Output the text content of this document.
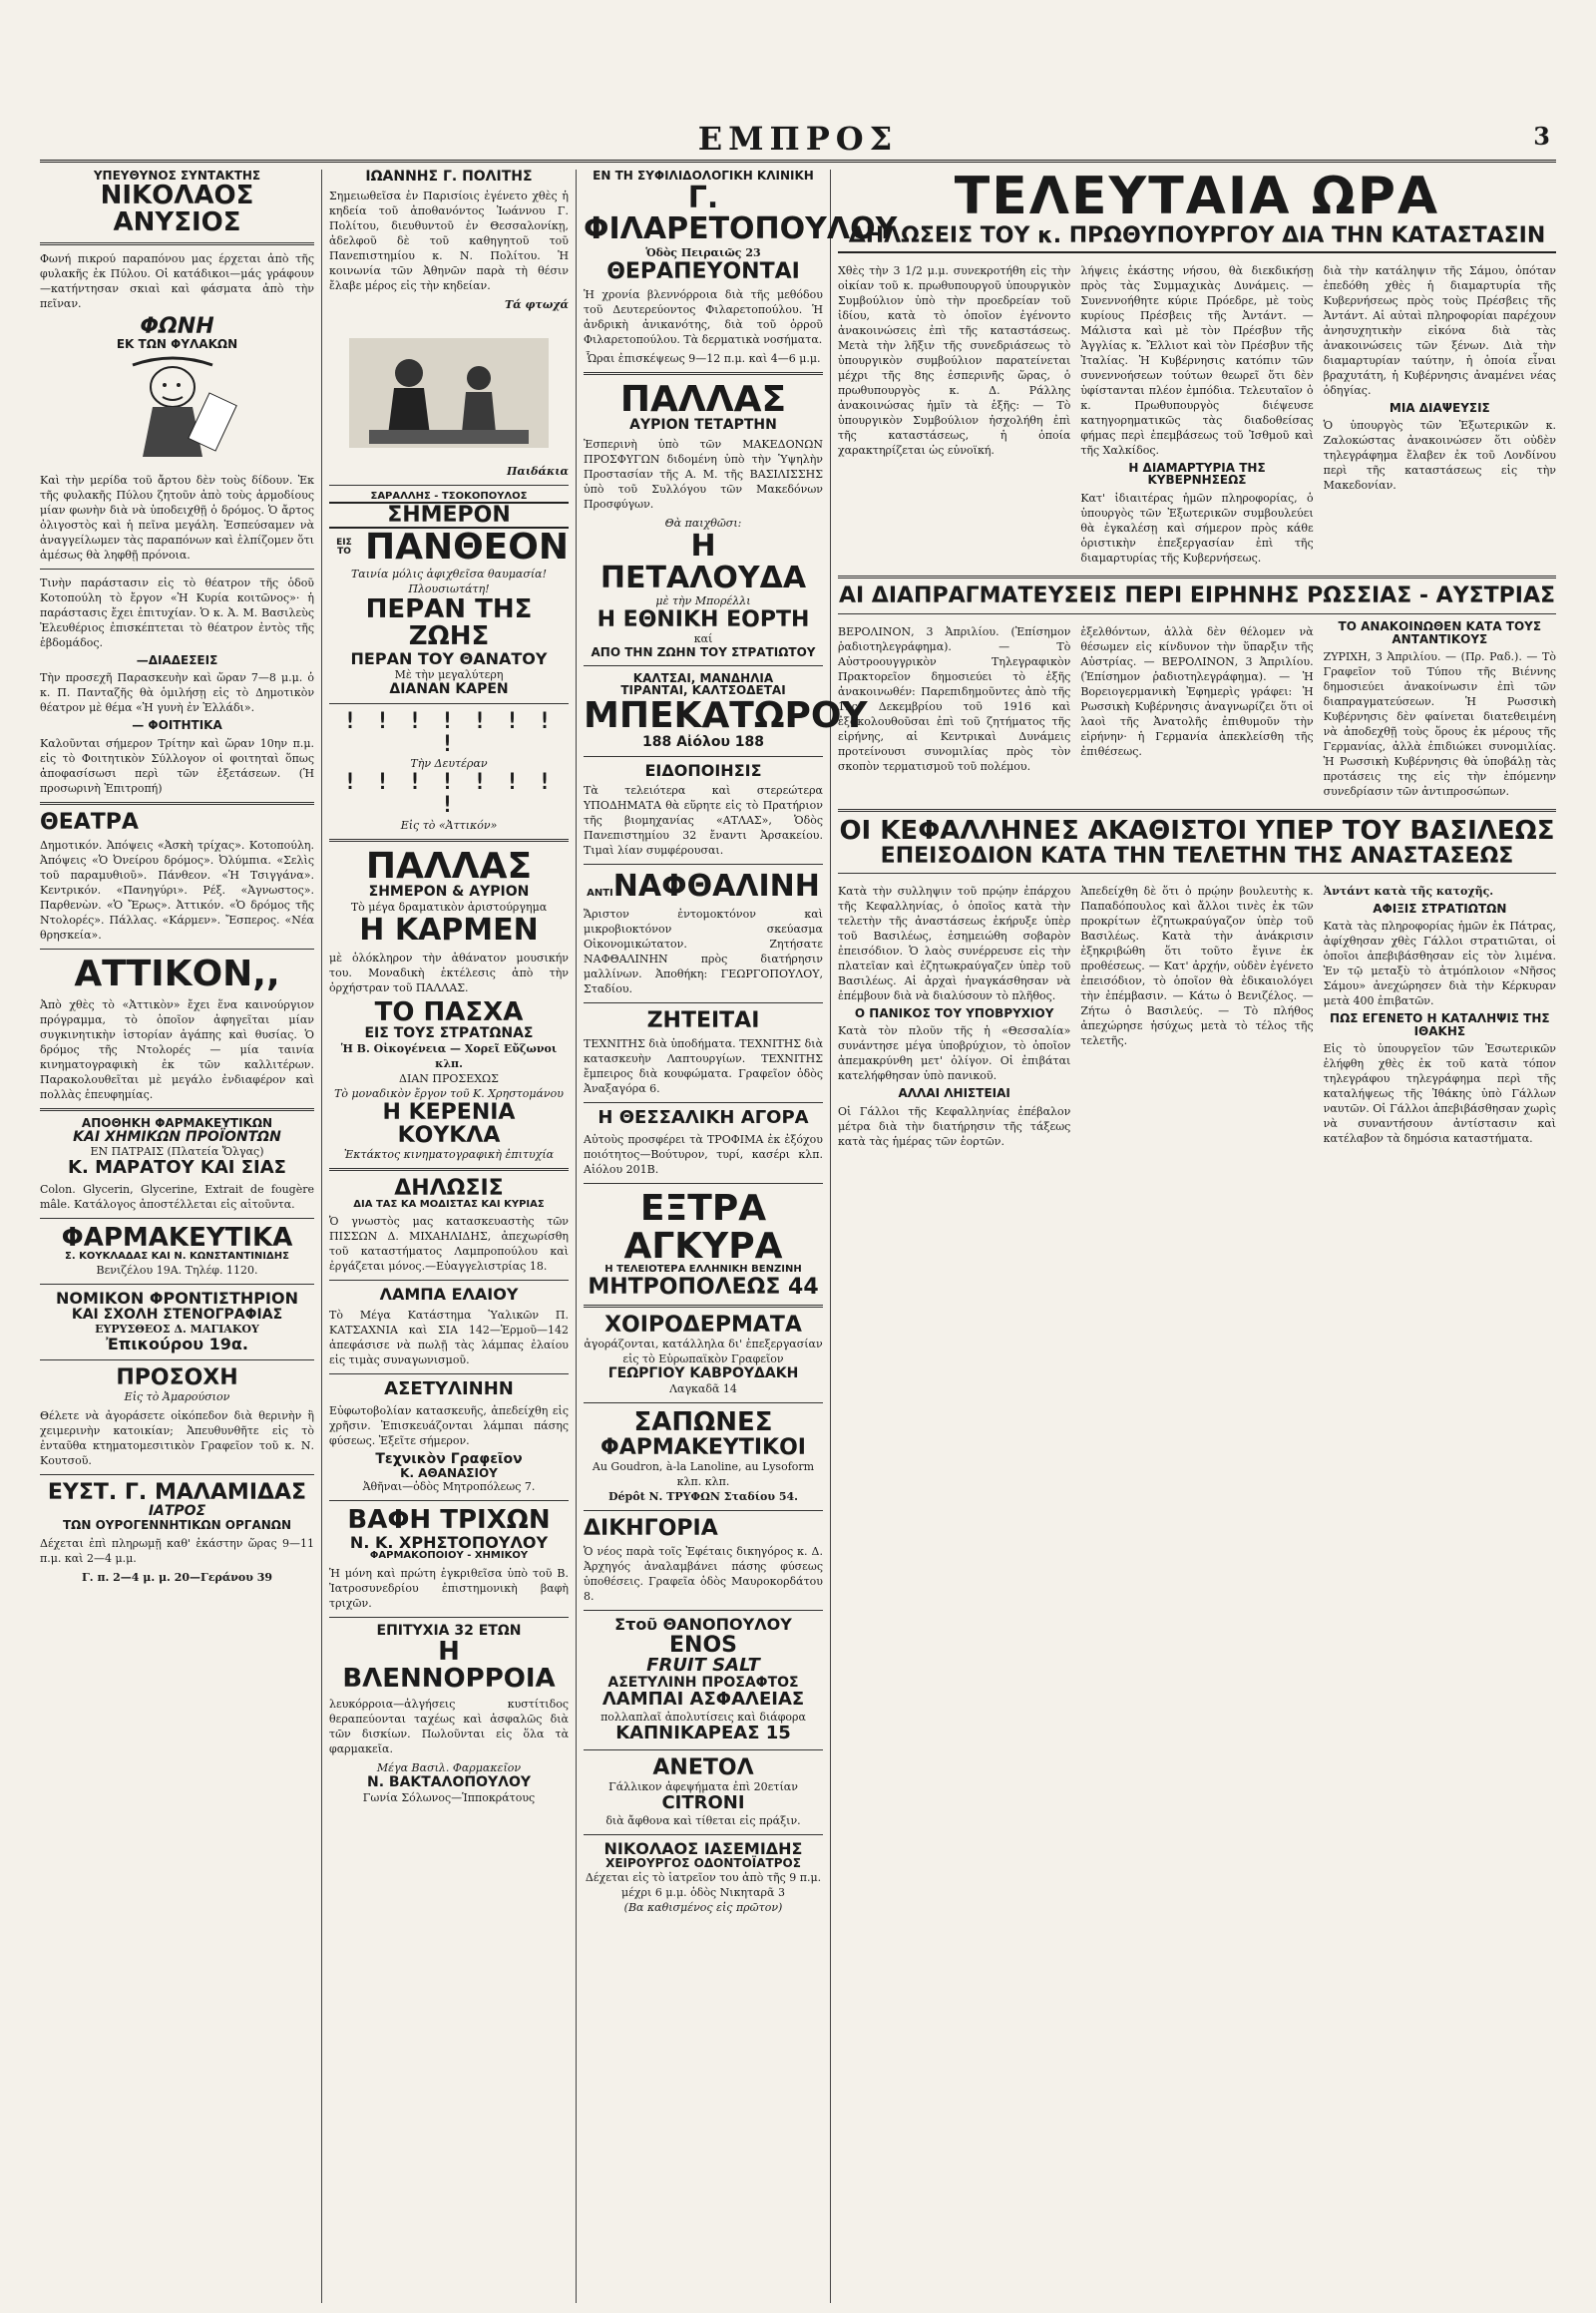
ΕΜΠΡΟΣ	3
ΥΠΕΥΘΥΝΟΣ ΣΥΝΤΑΚΤΗΣ
ΝΙΚΟΛΑΟΣ ΑΝΥΣΙΟΣ
Φωνή πικρού παραπόνου μας έρχεται ἀπὸ τῆς φυλακῆς ἐκ Πύλου. Οἱ κατάδικοι—μάς γράφουν—κατήντησαν σκιαὶ καὶ φάσματα ἀπὸ τὴν πεῖναν.
ΦΩΝΗ
ΕΚ ΤΩΝ ΦΥΛΑΚΩΝ
Καὶ τὴν μερίδα τοῦ ἄρτου δὲν τοὺς δίδουν. Ἐκ τῆς φυλακῆς Πύλου ζητοῦν ἀπὸ τοὺς ἁρμοδίους μίαν φωνὴν διὰ νὰ ὑποδειχθῇ ὁ δρόμος. Ὁ ἄρτος ὀλιγοστὸς καὶ ἡ πεῖνα μεγάλη. Ἐσπεύσαμεν νὰ ἀναγγείλωμεν τὰς παραπόνων καὶ ἐλπίζομεν ὅτι ἀμέσως θὰ ληφθῇ πρόνοια.
Τινὴν παράστασιν εἰς τὸ θέατρον τῆς ὁδοῦ Κοτοπούλη τὸ ἔργον «Ἡ Κυρία κοιτῶνος»· ἡ παράστασις ἔχει ἐπιτυχίαν. Ὁ κ. Ἀ. Μ. Βασιλεὺς Ἐλευθέριος ἐπισκέπτεται τὸ θέατρον ἐντὸς τῆς ἑβδομάδος.
—ΔΙΑΔΕΣΕΙΣ
Τὴν προσεχῆ Παρασκευὴν καὶ ὥραν 7—8 μ.μ. ὁ κ. Π. Πανταζῆς θὰ ὁμιλήσῃ εἰς τὸ Δημοτικὸν θέατρον μὲ θέμα «Ἡ γυνὴ ἐν Ἑλλάδι».
— ΦΟΙΤΗΤΙΚΑ
Καλοῦνται σήμερον Τρίτην καὶ ὥραν 10ην π.μ. εἰς τὸ Φοιτητικὸν Σύλλογον οἱ φοιτηταὶ ὅπως ἀποφασίσωσι περὶ τῶν ἐξετάσεων. (Ἡ προσωρινὴ Ἐπιτροπή)
ΘΕΑΤΡΑ
Δημοτικόν. Ἀπόψεις «Ἀσκὴ τρίχας». Κοτοπούλη. Ἀπόψεις «Ὁ Ὀνείρου δρόμος». Ὀλύμπια. «Σελὶς τοῦ παραμυθιοῦ». Πάνθεον. «Ἡ Τσιγγάνα». Κεντρικόν. «Πανηγύρι». Ρέξ. «Ἀγνωστος». Παρθενὼν. «Ὁ Ἔρως». Ἀττικόν. «Ὁ δρόμος τῆς Ντολορές». Πάλλας. «Κάρμεν». Ἔσπερος. «Νέα θρησκεία».
ΑΤΤΙΚΟΝ,,
Ἀπὸ χθὲς τὸ «Ἀττικὸν» ἔχει ἕνα καινούργιον πρόγραμμα, τὸ ὁποῖον ἀφηγεῖται μίαν συγκινητικὴν ἱστορίαν ἀγάπης καὶ θυσίας. Ὁ δρόμος τῆς Ντολορές — μία ταινία κινηματογραφικὴ ἐκ τῶν καλλιτέρων. Παρακολουθεῖται μὲ μεγάλο ἐνδιαφέρον καὶ πολλὰς ἐπευφημίας.
ΑΠΟΘΗΚΗ ΦΑΡΜΑΚΕΥΤΙΚΩΝ
ΚΑΙ ΧΗΜΙΚΩΝ ΠΡΟΪΟΝΤΩΝ
ΕΝ ΠΑΤΡΑΙΣ (Πλατεία Ὄλγας)
Κ. ΜΑΡΑΤΟΥ ΚΑΙ ΣΙΑΣ
Colon. Glycerin, Glycerine, Extrait de fougère mâle. Κατάλογος ἀποστέλλεται εἰς αἰτοῦντα.
ΦΑΡΜΑΚΕΥΤΙΚΑ
Σ. ΚΟΥΚΛΑΔΑΣ ΚΑΙ Ν. ΚΩΝΣΤΑΝΤΙΝΙΔΗΣ
Βενιζέλου 19Α. Τηλέφ. 1120.
ΝΟΜΙΚΟΝ ΦΡΟΝΤΙΣΤΗΡΙΟΝ
ΚΑΙ ΣΧΟΛΗ ΣΤΕΝΟΓΡΑΦΙΑΣ
ΕΥΡΥΣΘΕΟΣ Δ. ΜΑΓΙΑΚΟΥ
Ἐπικούρου 19α.
ΠΡΟΣΟΧΗ
Εἰς τὸ Ἀμαρούσιον
Θέλετε νὰ ἀγοράσετε οἰκόπεδον διὰ θερινὴν ἢ χειμερινὴν κατοικίαν; Ἀπευθυνθῆτε εἰς τὸ ἐνταῦθα κτηματομεσιτικὸν Γραφεῖον τοῦ κ. Ν. Κουτσοῦ.
ΕΥΣΤ. Γ. ΜΑΛΑΜΙΔΑΣ
ΙΑΤΡΟΣ
ΤΩΝ ΟΥΡΟΓΕΝΝΗΤΙΚΩΝ ΟΡΓΑΝΩΝ
Δέχεται ἐπὶ πληρωμῇ καθ' ἑκάστην ὥρας 9—11 π.μ. καὶ 2—4 μ.μ.
Γ. π. 2—4 μ. μ. 20—Γεράνου 39
ΙΩΑΝΝΗΣ Γ. ΠΟΛΙΤΗΣ
Σημειωθεῖσα ἐν Παρισίοις ἐγένετο χθὲς ἡ κηδεία τοῦ ἀποθανόντος Ἰωάννου Γ. Πολίτου, διευθυντοῦ ἐν Θεσσαλονίκῃ, ἀδελφοῦ δὲ τοῦ καθηγητοῦ τοῦ Πανεπιστημίου κ. Ν. Πολίτου. Ἡ κοινωνία τῶν Ἀθηνῶν παρὰ τὴ θέσιν ἔλαβε μέρος εἰς τὴν κηδείαν.
Τά φτωχά
Παιδάκια
ΣΑΡΑΛΛΗΣ - ΤΣΟΚΟΠΟΥΛΟΣ
ΣΗΜΕΡΟΝ
ΕΙΣ ΤΟ ΠΑΝΘΕΟΝ
Ταινία μόλις ἀφιχθεῖσα θαυμασία! Πλουσιωτάτη!
ΠΕΡΑΝ ΤΗΣ ΖΩΗΣ
ΠΕΡΑΝ ΤΟΥ ΘΑΝΑΤΟΥ
Μὲ τὴν μεγαλύτερη
ΔΙΑΝΑΝ ΚΑΡΕΝ
! ! ! ! ! ! ! !
Τὴν Δευτέραν
! ! ! ! ! ! ! !
Εἰς τὸ «Ἀττικόν»
ΠΑΛΛΑΣ
ΣΗΜΕΡΟΝ & ΑΥΡΙΟΝ
Τὸ μέγα δραματικὸν ἀριστούργημα
Η ΚΑΡΜΕΝ
μὲ ὁλόκληρον τὴν ἀθάνατον μουσικήν του. Μοναδικὴ ἐκτέλεσις ἀπὸ τὴν ὀρχήστραν τοῦ ΠΑΛΛΑΣ.
ΤΟ ΠΑΣΧΑ
ΕΙΣ ΤΟΥΣ ΣΤΡΑΤΩΝΑΣ
Ἡ Β. Οἰκογένεια — Χορεῖ Εὔζωνοι κλπ.
ΔΙΑΝ ΠΡΟΣΕΧΩΣ
Τὸ μοναδικὸν ἔργον τοῦ Κ. Χρηστομάνου
Η ΚΕΡΕΝΙΑ ΚΟΥΚΛΑ
Ἐκτάκτος κινηματογραφικὴ ἐπιτυχία
ΔΗΛΩΣΙΣ
ΔΙΑ ΤΑΣ ΚΑ ΜΟΔΙΣΤΑΣ ΚΑΙ ΚΥΡΙΑΣ
Ὁ γνωστὸς μας κατασκευαστὴς τῶν ΠΙΣΣΩΝ Δ. ΜΙΧΑΗΛΙΔΗΣ, ἀπεχωρίσθη τοῦ καταστήματος Λαμπροπούλου καὶ ἐργάζεται μόνος.—Εὐαγγελιστρίας 18.
ΛΑΜΠΑ ΕΛΑΙΟΥ
Τὸ Μέγα Κατάστημα Ὑαλικῶν Π. ΚΑΤΣΑΧΝΙΑ καὶ ΣΙΑ 142—Ἑρμοῦ—142 ἀπεφάσισε νὰ πωλῇ τὰς λάμπας ἐλαίου εἰς τιμὰς συναγωνισμοῦ.
ΑΣΕΤΥΛΙΝΗΝ
Εὐφωτοβολίαν κατασκευῆς, ἀπεδείχθη εἰς χρῆσιν. Ἐπισκευάζονται λάμπαι πάσης φύσεως. Ἐξεῖτε σήμερον.
Τεχνικὸν Γραφεῖον
Κ. ΑΘΑΝΑΣΙΟΥ
Ἀθῆναι—ὁδὸς Μητροπόλεως 7.
ΒΑΦΗ ΤΡΙΧΩΝ
Ν. Κ. ΧΡΗΣΤΟΠΟΥΛΟΥ
ΦΑΡΜΑΚΟΠΟΙΟΥ - ΧΗΜΙΚΟΥ
Ἡ μόνη καὶ πρώτη ἐγκριθεῖσα ὑπὸ τοῦ Β. Ἰατροσυνεδρίου ἐπιστημονικὴ βαφὴ τριχῶν.
ΕΠΙΤΥΧΙΑ 32 ΕΤΩΝ
Η ΒΛΕΝΝΟΡΡΟΙΑ
λευκόρροια—ἀλγήσεις κυστίτιδος θεραπεύονται ταχέως καὶ ἀσφαλῶς διὰ τῶν δισκίων. Πωλοῦνται εἰς ὅλα τὰ φαρμακεῖα.
Μέγα Βασιλ. Φαρμακεῖον
Ν. ΒΑΚΤΑΛΟΠΟΥΛΟΥ
Γωνία Σόλωνος—Ἱπποκράτους
ΕΝ ΤΗ ΣΥΦΙΛΙΔΟΛΟΓΙΚΗ ΚΛΙΝΙΚΗ
Γ. ΦΙΛΑΡΕΤΟΠΟΥΛΟΥ
Ὁδὸς Πειραιῶς 23
ΘΕΡΑΠΕΥΟΝΤΑΙ
Ἡ χρονία βλεννόρροια διὰ τῆς μεθόδου τοῦ Δευτερεύοντος Φιλαρετοπούλου. Ἡ ἀνδρικὴ ἀνικανότης, διὰ τοῦ ὁρροῦ Φιλαρετοπούλου. Τὰ δερματικὰ νοσήματα.
Ὧραι ἐπισκέψεως 9—12 π.μ. καὶ 4—6 μ.μ.
ΠΑΛΛΑΣ
ΑΥΡΙΟΝ ΤΕΤΑΡΤΗΝ
Ἐσπερινὴ ὑπὸ τῶν ΜΑΚΕΔΟΝΩΝ ΠΡΟΣΦΥΓΩΝ διδομένη ὑπὸ τὴν Ὑψηλὴν Προστασίαν τῆς Α. Μ. τῆς ΒΑΣΙΛΙΣΣΗΣ ὑπὸ τοῦ Συλλόγου τῶν Μακεδόνων Προσφύγων.
Θὰ παιχθῶσι:
Η ΠΕΤΑΛΟΥΔΑ
μὲ τὴν Μπορέλλι
Η ΕΘΝΙΚΗ ΕΟΡΤΗ
καί
ΑΠΟ ΤΗΝ ΖΩΗΝ ΤΟΥ ΣΤΡΑΤΙΩΤΟΥ
ΚΑΛΤΣΑΙ, ΜΑΝΔΗΛΙΑ
ΤΙΡΑΝΤΑΙ, ΚΑΛΤΣΟΔΕΤΑΙ
ΜΠΕΚΑΤΩΡΟΥ
188 Αἰόλου 188
ΕΙΔΟΠΟΙΗΣΙΣ
Τὰ τελειότερα καὶ στερεώτερα ΥΠΟΔΗΜΑΤΑ θὰ εὕρητε εἰς τὸ Πρατήριον τῆς βιομηχανίας «ΑΤΛΑΣ», Ὁδὸς Πανεπιστημίου 32 ἔναντι Ἀρσακείου. Τιμαὶ λίαν συμφέρουσαι.
ΑΝΤΙΝΑΦΘΑΛΙΝΗ
Ἄριστον ἐντομοκτόνον καὶ μικροβιοκτόνον σκεύασμα Οἰκονομικώτατον. Ζητήσατε ΝΑΦΘΑΛΙΝΗΝ πρὸς διατήρησιν μαλλίνων. Ἀποθήκη: ΓΕΩΡΓΟΠΟΥΛΟΥ, Σταδίου.
ΖΗΤΕΙΤΑΙ
ΤΕΧΝΙΤΗΣ διὰ ὑποδήματα. ΤΕΧΝΙΤΗΣ διὰ κατασκευὴν Λαπτουργίων. ΤΕΧΝΙΤΗΣ ἔμπειρος διὰ κουφώματα. Γραφεῖον ὁδὸς Ἀναξαγόρα 6.
Η ΘΕΣΣΑΛΙΚΗ ΑΓΟΡΑ
Αὐτοὺς προσφέρει τὰ ΤΡΟΦΙΜΑ ἐκ ἐξόχου ποιότητος—Βούτυρον, τυρί, κασέρι κλπ. Αἰόλου 201Β.
ΕΞΤΡΑ ΑΓΚΥΡΑ
Η ΤΕΛΕΙΟΤΕΡΑ ΕΛΛΗΝΙΚΗ ΒΕΝΖΙΝΗ
ΜΗΤΡΟΠΟΛΕΩΣ 44
ΧΟΙΡΟΔΕΡΜΑΤΑ
ἀγοράζονται, κατάλληλα δι' ἐπεξεργασίαν εἰς τὸ Εὑρωπαϊκὸν Γραφεῖον
ΓΕΩΡΓΙΟΥ ΚΑΒΡΟΥΔΑΚΗ
Λαγκαδᾶ 14
ΣΑΠΩΝΕΣ
ΦΑΡΜΑΚΕΥΤΙΚΟΙ
Au Goudron, à-la Lanoline, au Lysoform κλπ. κλπ.
Dépôt Ν. ΤΡΥΦΩΝ Σταδίου 54.
ΔΙΚΗΓΟΡΙΑ
Ὁ νέος παρὰ τοῖς Ἐφέταις δικηγόρος κ. Δ. Ἀρχηγός ἀναλαμβάνει πάσης φύσεως ὑποθέσεις. Γραφεῖα ὁδὸς Μαυροκορδάτου 8.
Στοῦ ΘΑΝΟΠΟΥΛΟΥ
ENOS
FRUIT SALT
ΑΣΕΤΥΛΙΝΗ ΠΡΟΣΑΦΤΟΣ
ΛΑΜΠΑΙ ΑΣΦΑΛΕΙΑΣ
πολλαπλαῖ ἀπολυτίσεις καὶ διάφορα
ΚΑΠΝΙΚΑΡΕΑΣ 15
ΑΝΕΤΟΛ
Γάλλικον ἀφεψήματα ἐπὶ 20ετίαν
CITRONI
διὰ ἄφθονα καὶ τίθεται εἰς πράξιν.
ΝΙΚΟΛΑΟΣ ΙΑΣΕΜΙΔΗΣ
ΧΕΙΡΟΥΡΓΟΣ ΟΔΟΝΤΟΪΑΤΡΟΣ
Δέχεται εἰς τὸ ἰατρεῖον του ἀπὸ τῆς 9 π.μ. μέχρι 6 μ.μ. ὁδὸς Νικηταρᾶ 3
(Βα καθισμένος εἰς πρῶτον)
ΤΕΛΕΥΤΑΙΑ ΩΡΑ
ΔΗΛΩΣΕΙΣ ΤΟΥ κ. ΠΡΩΘΥΠΟΥΡΓΟΥ ΔΙΑ ΤΗΝ ΚΑΤΑΣΤΑΣΙΝ
Χθὲς τὴν 3 1/2 μ.μ. συνεκροτήθη εἰς τὴν οἰκίαν τοῦ κ. πρωθυπουργοῦ ὑπουργικὸν Συμβούλιον ὑπὸ τὴν προεδρείαν τοῦ ἰδίου, κατὰ τὸ ὁποῖον ἐγένοντο ἀνακοινώσεις ἐπὶ τῆς καταστάσεως. Μετὰ τὴν λῆξιν τῆς συνεδριάσεως τὸ ὑπουργικὸν συμβούλιον παρατείνεται μέχρι τῆς 8ης ἑσπερινῆς ὥρας, ὁ πρωθυπουργὸς κ. Δ. Ράλλης ἀνακοινώσας ἡμῖν τὰ ἑξῆς: — Τὸ ὑπουργικὸν Συμβούλιον ἠσχολήθη ἐπὶ τῆς καταστάσεως, ἡ ὁποία χαρακτηρίζεται ὡς εὐνοϊκή.
λήψεις ἑκάστης νήσου, θὰ διεκδικήσῃ πρὸς τὰς Συμμαχικὰς Δυνάμεις. — Συνεννοήθητε κύριε Πρόεδρε, μὲ τοὺς κυρίους Πρέσβεις τῆς Ἀντάντ. — Μάλιστα καὶ μὲ τὸν Πρέσβυν τῆς Ἀγγλίας κ. Ἔλλιοτ καὶ τὸν Πρέσβυν τῆς Ἰταλίας. Ἡ Κυβέρνησις κατόπιν τῶν συνεννοήσεων τούτων θεωρεῖ ὅτι δὲν ὑφίστανται πλέον ἐμπόδια. Τελευταῖον ὁ κ. Πρωθυπουργὸς διέψευσε κατηγορηματικῶς τὰς διαδοθείσας φήμας περὶ ἐπεμβάσεως τοῦ Ἰσθμοῦ καὶ τῆς Χαλκίδος.
Η ΔΙΑΜΑΡΤΥΡΙΑ ΤΗΣ ΚΥΒΕΡΝΗΣΕΩΣ
Κατ' ἰδιαιτέρας ἡμῶν πληροφορίας, ὁ ὑπουργὸς τῶν Ἐξωτερικῶν συμβουλεύει θὰ ἐγκαλέσῃ καὶ σήμερον πρὸς κάθε ὁριστικὴν ἐπεξεργασίαν ἐπὶ τῆς διαμαρτυρίας τῆς Κυβερνήσεως.
διὰ τὴν κατάληψιν τῆς Σάμου, ὁπόταν ἐπεδόθη χθὲς ἡ διαμαρτυρία τῆς Κυβερνήσεως πρὸς τοὺς Πρέσβεις τῆς Ἀντάντ. Αἱ αὐταὶ πληροφορίαι παρέχουν ἀνησυχητικὴν εἰκόνα διὰ τὰς ἀνακοινώσεις τῶν ξένων. Διὰ τὴν διαμαρτυρίαν ταύτην, ἡ ὁποία εἶναι βραχυτάτη, ἡ Κυβέρνησις ἀναμένει νέας ὁδηγίας.
ΜΙΑ ΔΙΑΨΕΥΣΙΣ
Ὁ ὑπουργὸς τῶν Ἐξωτερικῶν κ. Ζαλοκώστας ἀνακοινώσεν ὅτι οὐδὲν τηλεγράφημα ἔλαβεν ἐκ τοῦ Λονδίνου περὶ τῆς καταστάσεως εἰς τὴν Μακεδονίαν.
ΑΙ ΔΙΑΠΡΑΓΜΑΤΕΥΣΕΙΣ ΠΕΡΙ ΕΙΡΗΝΗΣ ΡΩΣΣΙΑΣ - ΑΥΣΤΡΙΑΣ
ΒΕΡΟΛΙΝΟΝ, 3 Ἀπριλίου. (Ἐπίσημον ῥαδιοτηλεγράφημα). — Τὸ Αὐστροουγγρικὸν Τηλεγραφικὸν Πρακτορεῖον δημοσιεύει τὸ ἑξῆς ἀνακοινωθέν: Παρεπιδημοῦντες ἀπὸ τῆς 1ης Δεκεμβρίου τοῦ 1916 καὶ ἐξακολουθοῦσαι ἐπὶ τοῦ ζητήματος τῆς εἰρήνης, αἱ Κεντρικαὶ Δυνάμεις προτείνουσι συνομιλίας πρὸς τὸν σκοπὸν τερματισμοῦ τοῦ πολέμου.
ἐξελθόντων, ἀλλὰ δὲν θέλομεν νὰ θέσωμεν εἰς κίνδυνον τὴν ὕπαρξιν τῆς Αὐστρίας. — ΒΕΡΟΛΙΝΟΝ, 3 Ἀπριλίου. (Ἐπίσημον ῥαδιοτηλεγράφημα). — Ἡ Βορειογερμανικὴ Ἐφημερὶς γράφει: Ἡ Ρωσσικὴ Κυβέρνησις ἀναγνωρίζει ὅτι οἱ λαοὶ τῆς Ἀνατολῆς ἐπιθυμοῦν τὴν εἰρήνην· ἡ Γερμανία ἀπεκλείσθη τῆς ἐπιθέσεως.
ΤΟ ΑΝΑΚΟΙΝΩΘΕΝ ΚΑΤΑ ΤΟΥΣ ΑΝΤΑΝΤΙΚΟΥΣ
ΖΥΡΙΧΗ, 3 Ἀπριλίου. — (Πρ. Ραδ.). — Τὸ Γραφεῖον τοῦ Τύπου τῆς Βιέννης δημοσιεύει ἀνακοίνωσιν ἐπὶ τῶν διαπραγματεύσεων. Ἡ Ρωσσικὴ Κυβέρνησις δὲν φαίνεται διατεθειμένη νὰ ἀποδεχθῇ τοὺς ὅρους ἐκ μέρους τῆς Γερμανίας, ἀλλὰ ἐπιδιώκει συνομιλίας. Ἡ Ρωσσικὴ Κυβέρνησις θὰ ὑποβάλῃ τὰς προτάσεις της εἰς τὴν ἐπόμενην συνεδρίασιν τῶν ἀντιπροσώπων.
ΟΙ ΚΕΦΑΛΛΗΝΕΣ ΑΚΑΘΙΣΤΟΙ ΥΠΕΡ ΤΟΥ ΒΑΣΙΛΕΩΣ
ΕΠΕΙΣΟΔΙΟΝ ΚΑΤΑ ΤΗΝ ΤΕΛΕΤΗΝ ΤΗΣ ΑΝΑΣΤΑΣΕΩΣ
Κατὰ τὴν συλληψιν τοῦ πρῴην ἐπάρχου τῆς Κεφαλληνίας, ὁ ὁποῖος κατὰ τὴν τελετὴν τῆς ἀναστάσεως ἐκήρυξε ὑπὲρ τοῦ Βασιλέως, ἐσημειώθη σοβαρὸν ἐπεισόδιον. Ὁ λαὸς συνέρρευσε εἰς τὴν πλατεῖαν καὶ ἐζητωκραύγαζεν ὑπὲρ τοῦ Βασιλέως. Αἱ ἀρχαὶ ἠναγκάσθησαν νὰ ἐπέμβουν διὰ νὰ διαλύσουν τὸ πλῆθος.
Ο ΠΑΝΙΚΟΣ ΤΟΥ ΥΠΟΒΡΥΧΙΟΥ
Κατὰ τὸν πλοῦν τῆς ἡ «Θεσσαλία» συνάντησε μέγα ὑποβρύχιον, τὸ ὁποῖον ἀπεμακρύνθη μετ' ὀλίγον. Οἱ ἐπιβάται κατελήφθησαν ὑπὸ πανικοῦ.
ΑΛΛΑΙ ΛΗΙΣΤΕΙΑΙ
Οἱ Γάλλοι τῆς Κεφαλληνίας ἐπέβαλον μέτρα διὰ τὴν διατήρησιν τῆς τάξεως κατὰ τὰς ἡμέρας τῶν ἑορτῶν.
Ἀπεδείχθη δὲ ὅτι ὁ πρῴην βουλευτὴς κ. Παπαδόπουλος καὶ ἄλλοι τινὲς ἐκ τῶν προκρίτων ἐζητωκραύγαζον ὑπὲρ τοῦ Βασιλέως. Κατὰ τὴν ἀνάκρισιν ἐξηκριβώθη ὅτι τοῦτο ἔγινε ἐκ προθέσεως. — Κατ' ἀρχήν, οὐδὲν ἐγένετο ἐπεισόδιον, τὸ ὁποῖον θὰ ἐδικαιολόγει τὴν ἐπέμβασιν. — Κάτω ὁ Βενιζέλος. — Ζήτω ὁ Βασιλεύς. — Τὸ πλήθος ἀπεχώρησε ἡσύχως μετὰ τὸ τέλος τῆς τελετῆς.
Ἀντάντ κατὰ τῆς κατοχῆς.
ΑΦΙΞΙΣ ΣΤΡΑΤΙΩΤΩΝ
Κατὰ τὰς πληροφορίας ἡμῶν ἐκ Πάτρας, ἀφίχθησαν χθὲς Γάλλοι στρατιῶται, οἱ ὁποῖοι ἀπεβιβάσθησαν εἰς τὸν λιμένα. Ἐν τῷ μεταξὺ τὸ ἀτμόπλοιον «Νῆσος Σάμου» ἀνεχώρησεν διὰ τὴν Κέρκυραν μετὰ 400 ἐπιβατῶν.
ΠΩΣ ΕΓΕΝΕΤΟ Η ΚΑΤΑΛΗΨΙΣ ΤΗΣ ΙΘΑΚΗΣ
Εἰς τὸ ὑπουργεῖον τῶν Ἐσωτερικῶν ἐλήφθη χθὲς ἐκ τοῦ κατὰ τόπον τηλεγράφου τηλεγράφημα περὶ τῆς καταλήψεως τῆς Ἰθάκης ὑπὸ Γάλλων ναυτῶν. Οἱ Γάλλοι ἀπεβιβάσθησαν χωρὶς νὰ συναντήσουν ἀντίστασιν καὶ κατέλαβον τὰ δημόσια καταστήματα.
